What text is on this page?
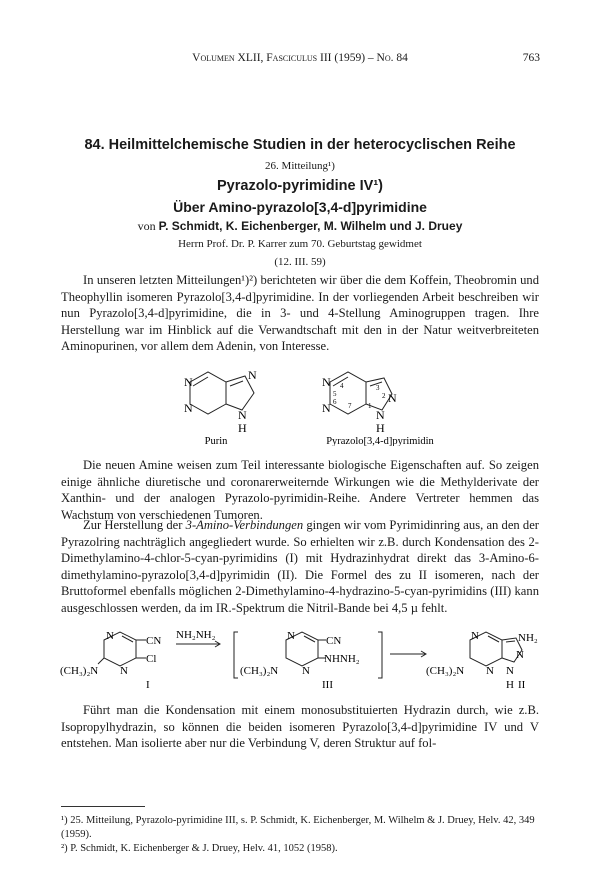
Volumen XLII, Fasciculus III (1959) – No. 84	763
84. Heilmittelchemische Studien in der heterocyclischen Reihe
26. Mitteilung¹)
Pyrazolo-pyrimidine IV¹)
Über Amino-pyrazolo[3,4-d]pyrimidine
von P. Schmidt, K. Eichenberger, M. Wilhelm und J. Druey
Herrn Prof. Dr. P. Karrer zum 70. Geburtstag gewidmet
(12. III. 59)
In unseren letzten Mitteilungen¹)²) berichteten wir über die dem Koffein, Theobromin und Theophyllin isomeren Pyrazolo[3,4-d]pyrimidine. In der vorliegenden Arbeit beschreiben wir nun Pyrazolo[3,4-d]pyrimidine, die in 3- und 4-Stellung Aminogruppen tragen. Ihre Herstellung war im Hinblick auf die Verwandtschaft mit den in der Natur weitverbreiteten Aminopurinen, vor allem dem Adenin, von Interesse.
N
N
N
N
H
Purin
N
N
N
N
H
4
5
6 7 1
2
3
Pyrazolo[3,4-d]pyrimidin
Die neuen Amine weisen zum Teil interessante biologische Eigenschaften auf. So zeigen einige ähnliche diuretische und coronarerweiternde Wirkungen wie die Methylderivate der Xanthin- und der analogen Pyrazolo-pyrimidin-Reihe. Andere Vertreter hemmen das Wachstum von verschiedenen Tumoren.
Zur Herstellung der 3-Amino-Verbindungen gingen wir vom Pyrimidinring aus, an den der Pyrazolring nachträglich angegliedert wurde. So erhielten wir z.B. durch Kondensation des 2-Dimethylamino-4-chlor-5-cyan-pyrimidins (I) mit Hydrazinhydrat direkt das 3-Amino-6-dimethylamino-pyrazolo[3,4-d]pyrimidin (II). Die Formel des zu II isomeren, nach der Bruttoformel ebenfalls möglichen 2-Dimethylamino-4-hydrazino-5-cyan-pyrimidins (III) kann ausgeschlossen werden, da im IR.-Spektrum die Nitril-Bande bei 4,5 µ fehlt.
N
N
CN
Cl
(CH₃)₂N
I
NH₂NH₂	N
N
CN
NHNH₂
(CH₃)₂N
III
N
N
NH₂
N
N
(CH₃)₂N
H II
Führt man die Kondensation mit einem monosubstituierten Hydrazin durch, wie z.B. Isopropylhydrazin, so können die beiden isomeren Pyrazolo[3,4-d]pyrimidine IV und V entstehen. Man isolierte aber nur die Verbindung V, deren Struktur auf fol-

¹) 25. Mitteilung, Pyrazolo-pyrimidine III, s. P. Schmidt, K. Eichenberger, M. Wilhelm & J. Druey, Helv. 42, 349 (1959).

²) P. Schmidt, K. Eichenberger & J. Druey, Helv. 41, 1052 (1958).
